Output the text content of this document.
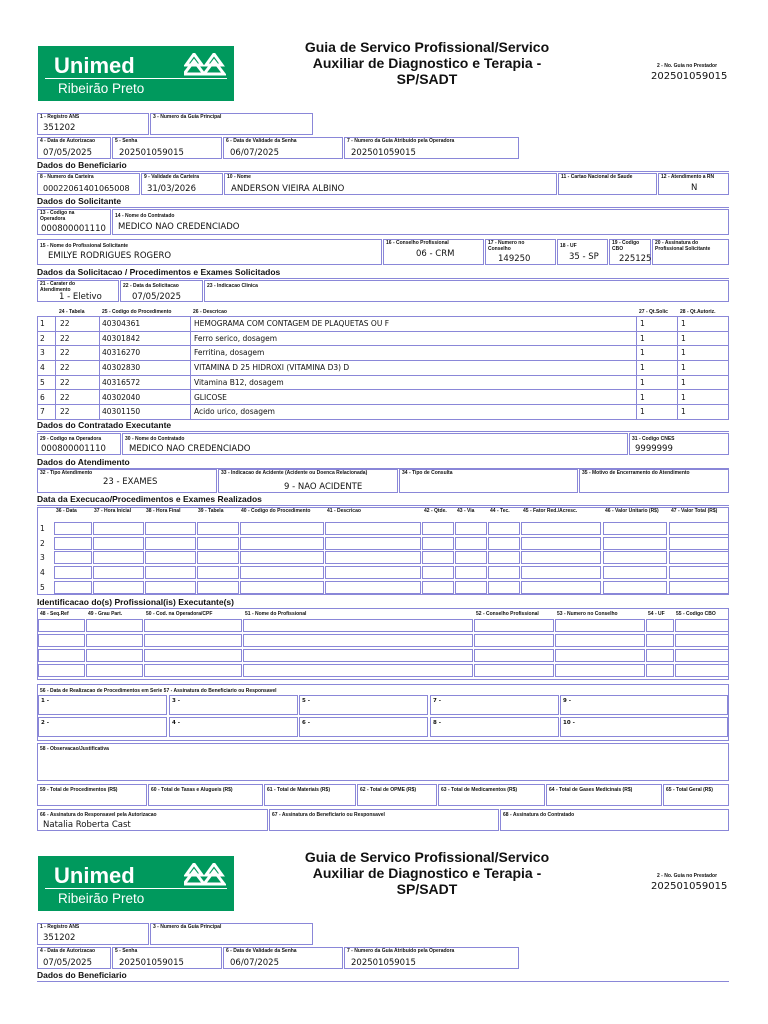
Unimed
Ribeirão Preto
Guia de Servico Profissional/Servico
Auxiliar de Diagnostico e Terapia -
SP/SADT
2 - No. Guia no Prestador
202501059015
1 - Registro ANS
351202
3 - Numero da Guia Principal
4 - Data de Autorizacao
07/05/2025
5 - Senha
202501059015
6 - Data de Validade da Senha
06/07/2025
7 - Numero da Guia Atribuido pela Operadora
202501059015
Dados do Beneficiario
8 - Numero da Carteira
00022061401065008
9 - Validade da Carteira
31/03/2026
10 - Nome
ANDERSON VIEIRA ALBINO
11 - Cartao Nacional de Saude	12 - Atendimento a RN
N
Dados do Solicitante
13 - Codigo na Operadora
000800001110
14 - Nome do Contratado
MEDICO NAO CREDENCIADO
15 - Nome do Profissional Solicitante
EMILYE RODRIGUES ROGERO
16 - Conselho Profissional
06 - CRM
17 - Numero no Conselho
149250
18 - UF
35 - SP
19 - Codigo CBO
225125
20 - Assinatura do Profissional Solicitante
Dados da Solicitacao / Procedimentos e Exames Solicitados
21 - Carater do Atendimento
1 - Eletivo
22 - Data da Solicitacao
07/05/2025
23 - Indicacao Clinica
24 - Tabela	25 - Codigo do Procedimento	26 - Descricao	27 - Qt.Solic 28 - Qt.Autoriz.
1 22	40304361	HEMOGRAMA COM CONTAGEM DE PLAQUETAS OU F	1	1
2 22	40301842	Ferro serico, dosagem	1	1
3 22	40316270	Ferritina, dosagem	1	1
4 22	40302830	VITAMINA D 25 HIDROXI (VITAMINA D3) D	1	1
5 22	40316572	Vitamina B12, dosagem	1	1
6 22	40302040	GLICOSE	1	1
7 22	40301150	Acido urico, dosagem	1	1
Dados do Contratado Executante
29 - Codigo na Operadora
000800001110
30 - Nome do Contratado
MEDICO NAO CREDENCIADO
31 - Codigo CNES
9999999
Dados do Atendimento
32 - Tipo Atendimento
23 - EXAMES
33 - Indicacao de Acidente (Acidente ou Doenca Relacionada)
9 - NAO ACIDENTE
34 - Tipo de Consulta	35 - Motivo de Encerramento do Atendimento
Data da Execucao/Procedimentos e Exames Realizados
36 - Data	37 - Hora Inicial	38 - Hora Final	39 - Tabela	40 - Codigo do Procedimento	41 - Descricao	42 - Qtde.	43 - Via	44 - Tec.	45 - Fator Red./Acresc.	46 - Valor Unitario (R$)	47 - Valor Total (R$)
1
2
3
4
5
Identificacao do(s) Profissional(is) Executante(s)
48 - Seq.Ref	49 - Grau Part.	50 - Cod. na Operadora/CPF	51 - Nome do Profissional	52 - Conselho Profissional	53 - Numero no Conselho	54 - UF 55 - Codigo CBO
56 - Data de Realizacao de Procedimentos em Serie 57 - Assinatura do Beneficiario ou Responsavel
1 -	3 -	5 -	7 -	9 -
2 -	4 -	6 -	8 -	10 -
58 - Observacao/Justificativa
59 - Total de Procedimentos (R$)	60 - Total de Taxas e Alugueis (R$)	61 - Total de Materiais (R$)	62 - Total de OPME (R$)	63 - Total de Medicamentos (R$)	64 - Total de Gases Medicinais (R$)	65 - Total Geral (R$)
66 - Assinatura do Responsavel pela Autorizacao
Natalia Roberta Cast
67 - Assinatura do Beneficiario ou Responsavel	68 - Assinatura do Contratado
Unimed
Ribeirão Preto
Guia de Servico Profissional/Servico
Auxiliar de Diagnostico e Terapia -
SP/SADT
2 - No. Guia no Prestador
202501059015
1 - Registro ANS
351202
3 - Numero da Guia Principal
4 - Data de Autorizacao
07/05/2025
5 - Senha
202501059015
6 - Data de Validade da Senha
06/07/2025
7 - Numero da Guia Atribuido pela Operadora
202501059015
Dados do Beneficiario
